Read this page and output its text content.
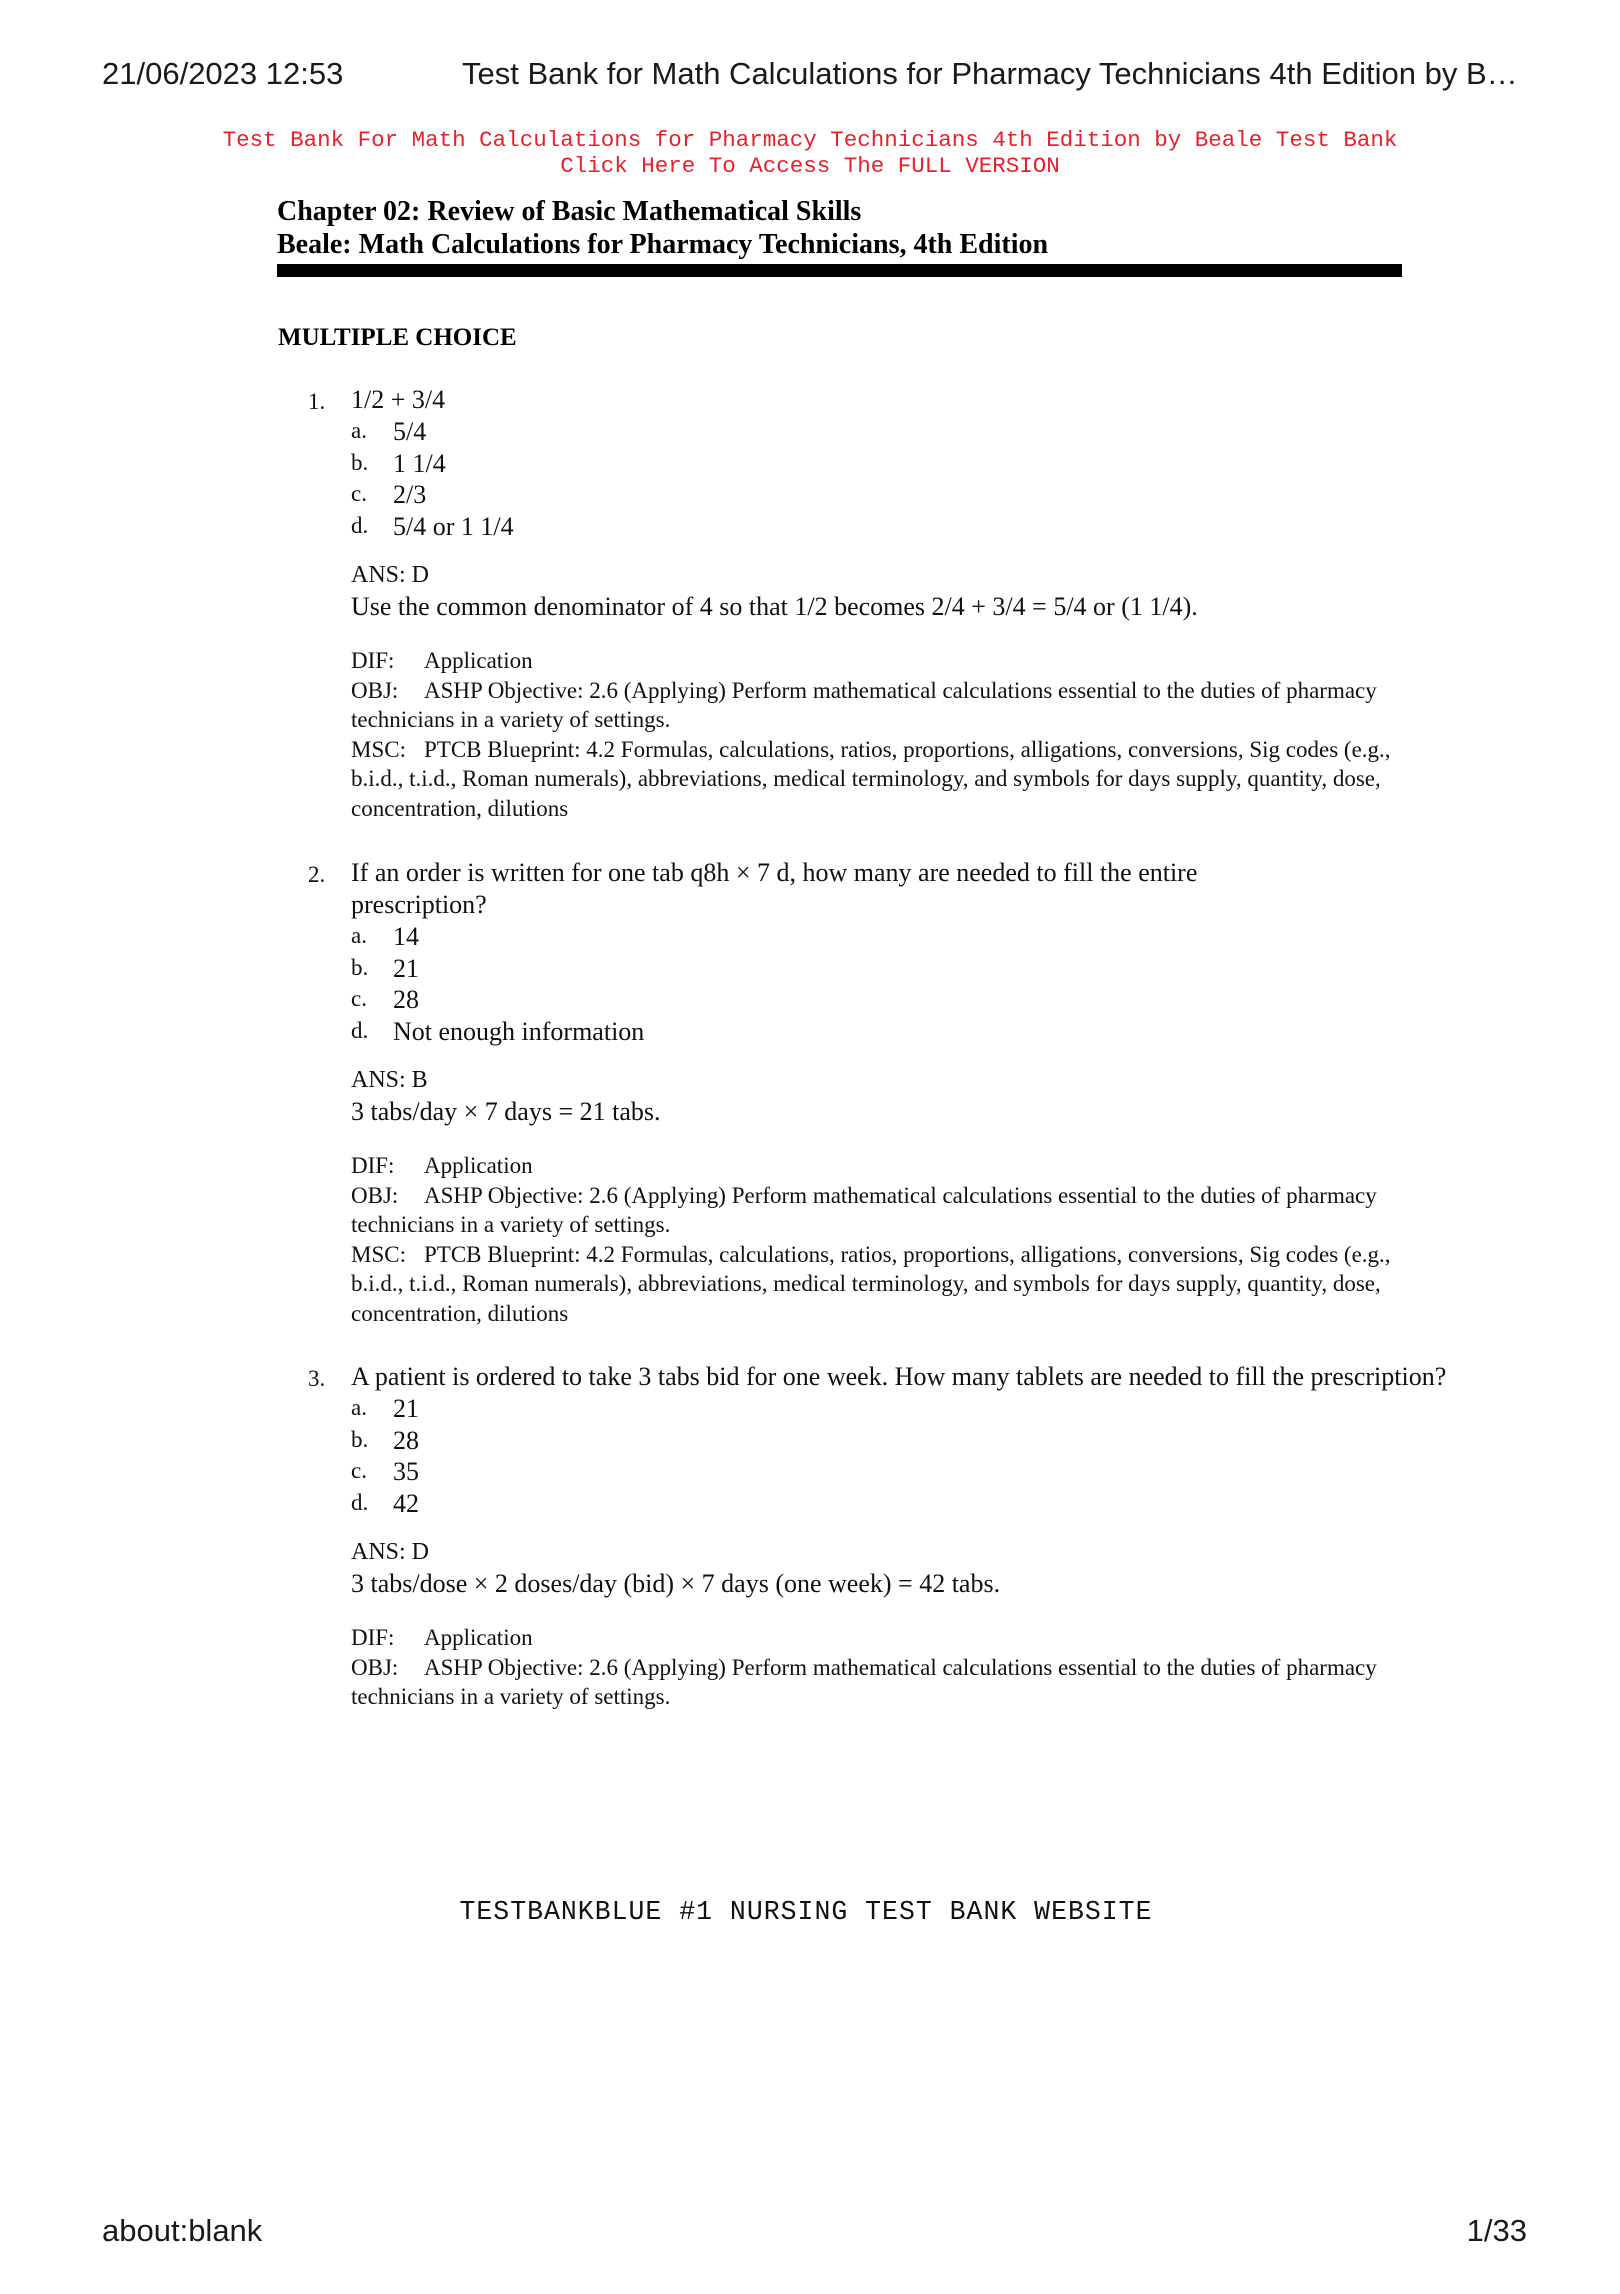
21/06/2023 12:53	Test Bank for Math Calculations for Pharmacy Technicians 4th Edition by B…
Test Bank For Math Calculations for Pharmacy Technicians 4th Edition by Beale Test Bank
Click Here To Access The FULL VERSION
Chapter 02: Review of Basic Mathematical Skills
Beale: Math Calculations for Pharmacy Technicians, 4th Edition
MULTIPLE CHOICE
1. 1/2 + 3/4
a. 5/4
b. 1 1/4
c. 2/3
d. 5/4 or 1 1/4
ANS: D
Use the common denominator of 4 so that 1/2 becomes 2/4 + 3/4 = 5/4 or (1 1/4).
DIF: Application
OBJ: ASHP Objective: 2.6 (Applying) Perform mathematical calculations essential to the duties of pharmacy technicians in a variety of settings.
MSC: PTCB Blueprint: 4.2 Formulas, calculations, ratios, proportions, alligations, conversions, Sig codes (e.g., b.i.d., t.i.d., Roman numerals), abbreviations, medical terminology, and symbols for days supply, quantity, dose, concentration, dilutions
2. If an order is written for one tab q8h × 7 d, how many are needed to fill the entire prescription?
a. 14
b. 21
c. 28
d. Not enough information
ANS: B
3 tabs/day × 7 days = 21 tabs.
DIF: Application
OBJ: ASHP Objective: 2.6 (Applying) Perform mathematical calculations essential to the duties of pharmacy technicians in a variety of settings.
MSC: PTCB Blueprint: 4.2 Formulas, calculations, ratios, proportions, alligations, conversions, Sig codes (e.g., b.i.d., t.i.d., Roman numerals), abbreviations, medical terminology, and symbols for days supply, quantity, dose, concentration, dilutions
3. A patient is ordered to take 3 tabs bid for one week. How many tablets are needed to fill the prescription?
a. 21
b. 28
c. 35
d. 42
ANS: D
3 tabs/dose × 2 doses/day (bid) × 7 days (one week) = 42 tabs.
DIF: Application
OBJ: ASHP Objective: 2.6 (Applying) Perform mathematical calculations essential to the duties of pharmacy technicians in a variety of settings.
TESTBANKBLUE #1 NURSING TEST BANK WEBSITE
about:blank	1/33
